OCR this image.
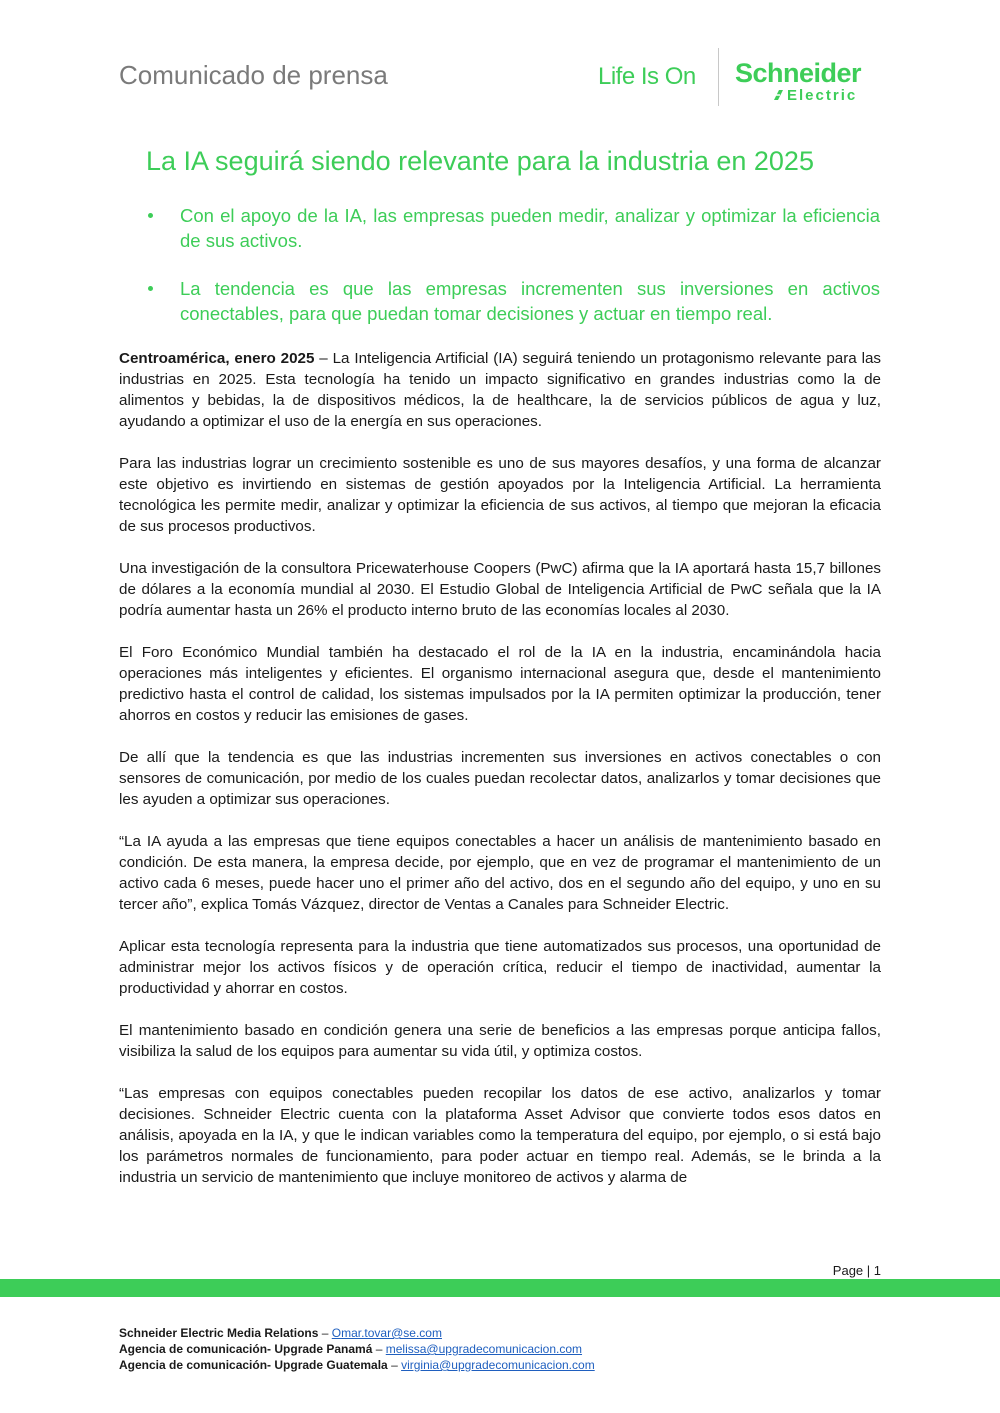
Comunicado de prensa	Life Is On Schneider
Electric
La IA seguirá siendo relevante para la industria en 2025
Con el apoyo de la IA, las empresas pueden medir, analizar y optimizar la eficiencia de sus activos.
La tendencia es que las empresas incrementen sus inversiones en activos conectables, para que puedan tomar decisiones y actuar en tiempo real.

Centroamérica, enero 2025 – La Inteligencia Artificial (IA) seguirá teniendo un protagonismo relevante para las industrias en 2025. Esta tecnología ha tenido un impacto significativo en grandes industrias como la de alimentos y bebidas, la de dispositivos médicos, la de healthcare, la de servicios públicos de agua y luz, ayudando a optimizar el uso de la energía en sus operaciones.

Para las industrias lograr un crecimiento sostenible es uno de sus mayores desafíos, y una forma de alcanzar este objetivo es invirtiendo en sistemas de gestión apoyados por la Inteligencia Artificial. La herramienta tecnológica les permite medir, analizar y optimizar la eficiencia de sus activos, al tiempo que mejoran la eficacia de sus procesos productivos.

Una investigación de la consultora Pricewaterhouse Coopers (PwC) afirma que la IA aportará hasta 15,7 billones de dólares a la economía mundial al 2030. El Estudio Global de Inteligencia Artificial de PwC señala que la IA podría aumentar hasta un 26% el producto interno bruto de las economías locales al 2030.

El Foro Económico Mundial también ha destacado el rol de la IA en la industria, encaminándola hacia operaciones más inteligentes y eficientes. El organismo internacional asegura que, desde el mantenimiento predictivo hasta el control de calidad, los sistemas impulsados por la IA permiten optimizar la producción, tener ahorros en costos y reducir las emisiones de gases.

De allí que la tendencia es que las industrias incrementen sus inversiones en activos conectables o con sensores de comunicación, por medio de los cuales puedan recolectar datos, analizarlos y tomar decisiones que les ayuden a optimizar sus operaciones.

“La IA ayuda a las empresas que tiene equipos conectables a hacer un análisis de mantenimiento basado en condición. De esta manera, la empresa decide, por ejemplo, que en vez de programar el mantenimiento de un activo cada 6 meses, puede hacer uno el primer año del activo, dos en el segundo año del equipo, y uno en su tercer año”, explica Tomás Vázquez, director de Ventas a Canales para Schneider Electric.

Aplicar esta tecnología representa para la industria que tiene automatizados sus procesos, una oportunidad de administrar mejor los activos físicos y de operación crítica, reducir el tiempo de inactividad, aumentar la productividad y ahorrar en costos.

El mantenimiento basado en condición genera una serie de beneficios a las empresas porque anticipa fallos, visibiliza la salud de los equipos para aumentar su vida útil, y optimiza costos.

“Las empresas con equipos conectables pueden recopilar los datos de ese activo, analizarlos y tomar decisiones. Schneider Electric cuenta con la plataforma Asset Advisor que convierte todos esos datos en análisis, apoyada en la IA, y que le indican variables como la temperatura del equipo, por ejemplo, o si está bajo los parámetros normales de funcionamiento, para poder actuar en tiempo real. Además, se le brinda a la industria un servicio de mantenimiento que incluye monitoreo de activos y alarma de

Page | 1
Schneider Electric Media Relations – Omar.tovar@se.com
Agencia de comunicación- Upgrade Panamá – melissa@upgradecomunicacion.com
Agencia de comunicación- Upgrade Guatemala – virginia@upgradecomunicacion.com
